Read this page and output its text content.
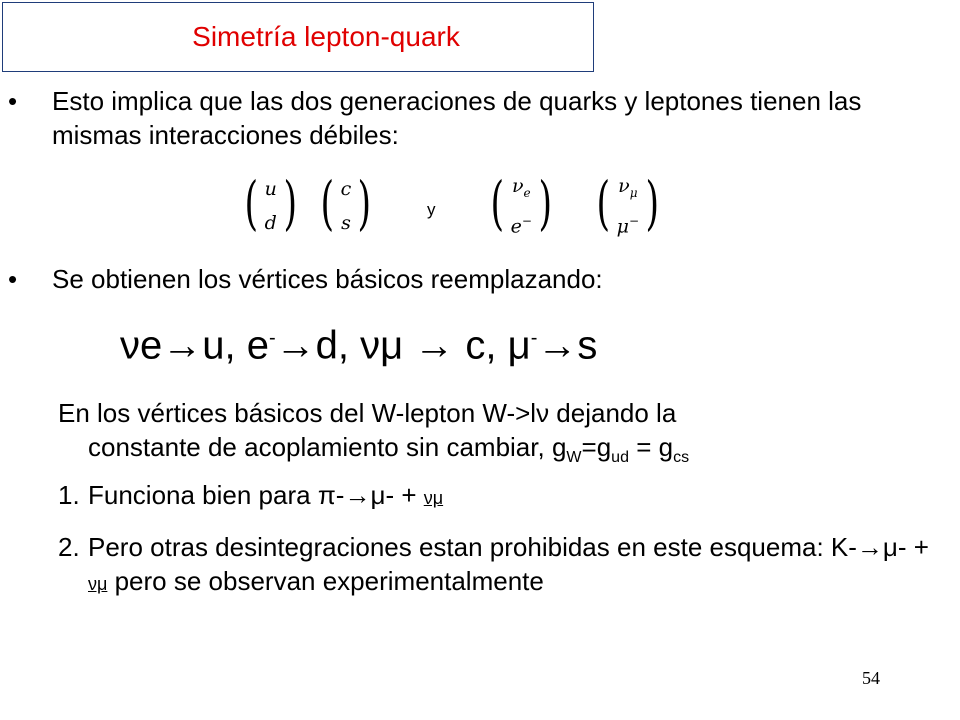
Simetría lepton-quark
•	Esto implica que las dos generaciones de quarks y leptones tienen las mismas interacciones débiles:
( u
d ) ( c
s )	y ( $\nu_e$
e− ) ( $\nu_\mu$
μ− )
•	Se obtienen los vértices básicos reemplazando:
νe→u, e-→d, νμ → c, μ-→s
En los vértices básicos del W-lepton W->lν dejando la
constante de acoplamiento sin cambiar, $g_W=g_{ud} = g_{cs}$
1. Funciona bien para π-→μ- + νμ
2. Pero otras desintegraciones estan prohibidas en este esquema: K-→μ- + νμ pero se observan experimentalmente
54
